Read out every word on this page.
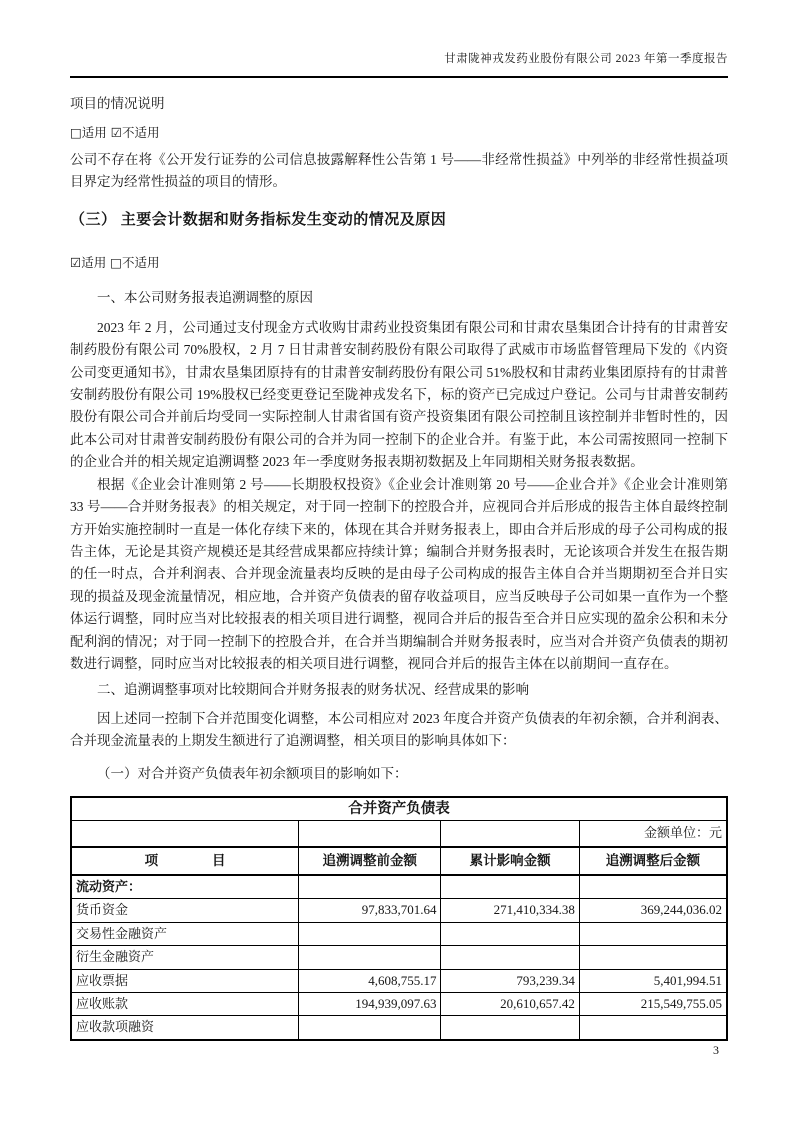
甘肃陇神戎发药业股份有限公司 2023 年第一季度报告
项目的情况说明
□适用 ☑不适用
公司不存在将《公开发行证券的公司信息披露解释性公告第 1 号——非经常性损益》中列举的非经常性损益项目界定为经常性损益的项目的情形。
（三） 主要会计数据和财务指标发生变动的情况及原因
☑适用 □不适用
一、本公司财务报表追溯调整的原因
2023 年 2 月，公司通过支付现金方式收购甘肃药业投资集团有限公司和甘肃农垦集团合计持有的甘肃普安制药股份有限公司 70%股权，2 月 7 日甘肃普安制药股份有限公司取得了武威市市场监督管理局下发的《内资公司变更通知书》，甘肃农垦集团原持有的甘肃普安制药股份有限公司 51%股权和甘肃药业集团原持有的甘肃普安制药股份有限公司 19%股权已经变更登记至陇神戎发名下，标的资产已完成过户登记。公司与甘肃普安制药股份有限公司合并前后均受同一实际控制人甘肃省国有资产投资集团有限公司控制且该控制并非暂时性的，因此本公司对甘肃普安制药股份有限公司的合并为同一控制下的企业合并。有鉴于此，本公司需按照同一控制下的企业合并的相关规定追溯调整 2023 年一季度财务报表期初数据及上年同期相关财务报表数据。
根据《企业会计准则第 2 号——长期股权投资》《企业会计准则第 20 号——企业合并》《企业会计准则第 33 号——合并财务报表》的相关规定，对于同一控制下的控股合并，应视同合并后形成的报告主体自最终控制方开始实施控制时一直是一体化存续下来的，体现在其合并财务报表上，即由合并后形成的母子公司构成的报告主体，无论是其资产规模还是其经营成果都应持续计算；编制合并财务报表时，无论该项合并发生在报告期的任一时点，合并利润表、合并现金流量表均反映的是由母子公司构成的报告主体自合并当期期初至合并日实现的损益及现金流量情况，相应地，合并资产负债表的留存收益项目，应当反映母子公司如果一直作为一个整体运行调整，同时应当对比较报表的相关项目进行调整，视同合并后的报告至合并日应实现的盈余公积和未分配利润的情况；对于同一控制下的控股合并，在合并当期编制合并财务报表时，应当对合并资产负债表的期初数进行调整，同时应当对比较报表的相关项目进行调整，视同合并后的报告主体在以前期间一直存在。
二、追溯调整事项对比较期间合并财务报表的财务状况、经营成果的影响
因上述同一控制下合并范围变化调整，本公司相应对 2023 年度合并资产负债表的年初余额，合并利润表、合并现金流量表的上期发生额进行了追溯调整，相关项目的影响具体如下：
（一）对合并资产负债表年初余额项目的影响如下：
合并资产负债表			
			金额单位：元
项　　　　目	追溯调整前金额	累计影响金额	追溯调整后金额
流动资产：			
货币资金	97,833,701.64	271,410,334.38	369,244,036.02
交易性金融资产			
衍生金融资产			
应收票据	4,608,755.17	793,239.34	5,401,994.51
应收账款	194,939,097.63	20,610,657.42	215,549,755.05
应收款项融资			
3
